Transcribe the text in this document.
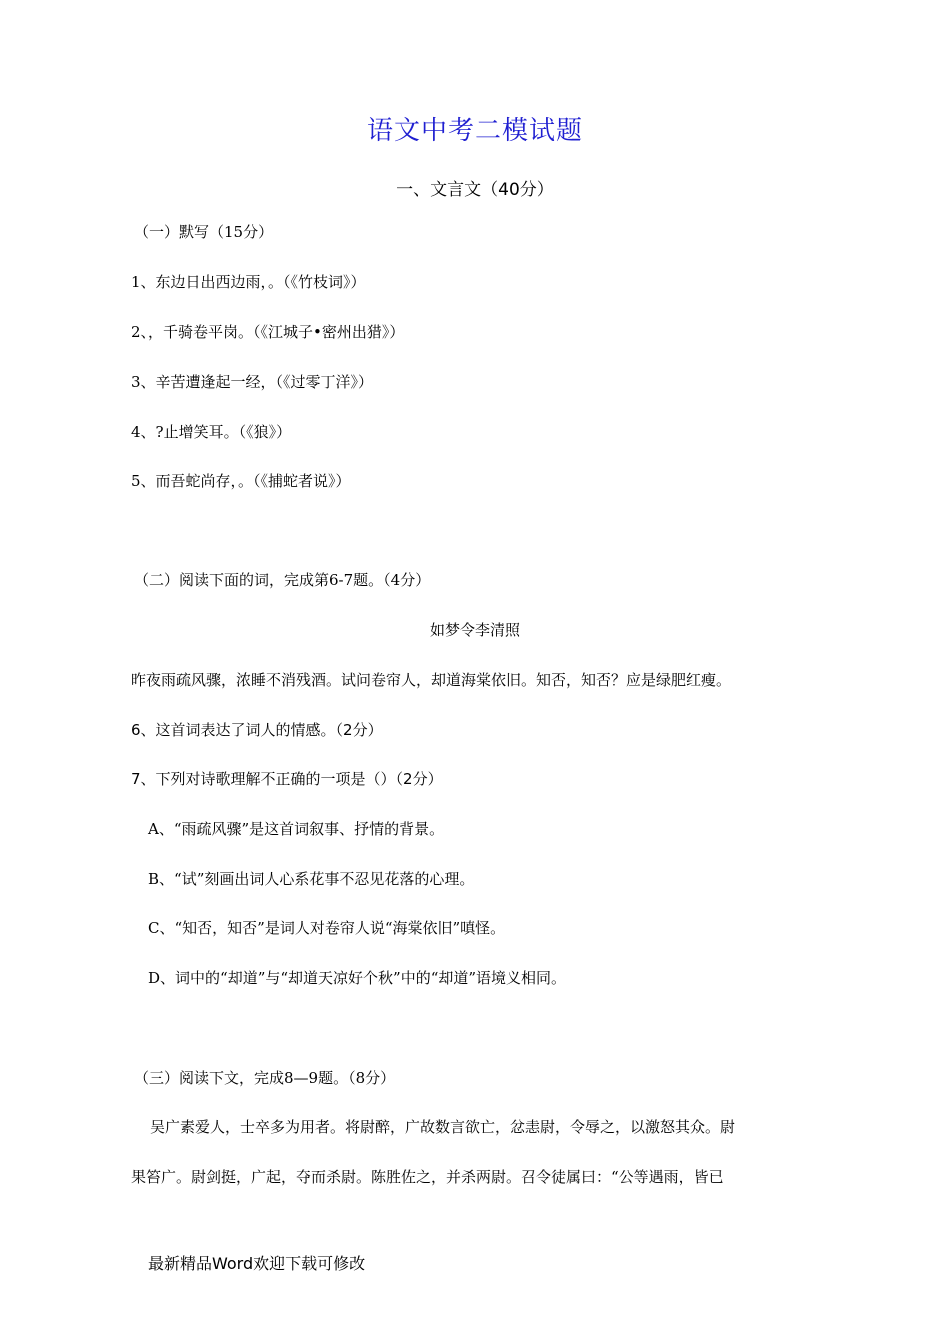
语文中考二模试题
一、文言文（40分）
（一）默写（15分）
1、东边日出西边雨，。（《竹枝词》）
2、，千骑卷平岗。（《江城子•密州出猎》）
3、辛苦遭逢起一经，（《过零丁洋》）
4、?止增笑耳。（《狼》）
5、而吾蛇尚存，。（《捕蛇者说》）
（二）阅读下面的词，完成第6-7题。（4分）
如梦令李清照
昨夜雨疏风骤，浓睡不消残酒。试问卷帘人，却道海棠依旧。知否，知否？应是绿肥红瘦。
6、这首词表达了词人的情感。（2分）
7、下列对诗歌理解不正确的一项是（）（2分）
A、“雨疏风骤”是这首词叙事、抒情的背景。
B、“试”刻画出词人心系花事不忍见花落的心理。
C、“知否，知否”是词人对卷帘人说“海棠依旧”嗔怪。
D、词中的“却道”与“却道天凉好个秋”中的“却道”语境义相同。
（三）阅读下文，完成8—9题。（8分）
吴广素爱人，士卒多为用者。将尉醉，广故数言欲亡，忿恚尉，令辱之，以激怒其众。尉
果笞广。尉剑挺，广起，夺而杀尉。陈胜佐之，并杀两尉。召令徒属曰：“公等遇雨，皆已
最新精品Word欢迎下载可修改
